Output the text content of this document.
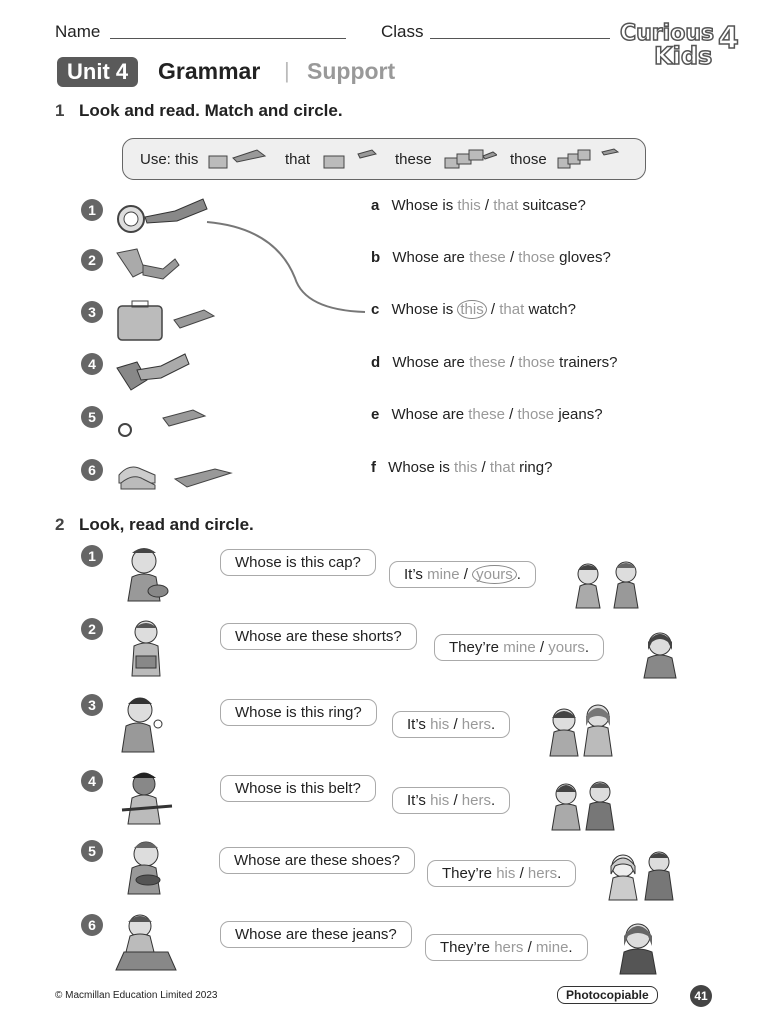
Name	Class	Curious
Kids 4
Unit 4	Grammar | Support
1 Look and read. Match and circle.
Use: this	that	these	those
1
2
3
4
5
6
a Whose is this / that suitcase?
b Whose are these / those gloves?
c Whose is this / that watch?
d Whose are these / those trainers?
e Whose are these / those jeans?
f Whose is this / that ring?
2 Look, read and circle.
1	Whose is this cap?
It’s mine / yours .
2	Whose are these shorts?
They’re mine / yours.
3	Whose is this ring?
It’s his / hers.
4	Whose is this belt?
It’s his / hers.
5
Whose are these shoes?
They’re his / hers.
6
Whose are these jeans?
They’re hers / mine.
© Macmillan Education Limited 2023	Photocopiable	41
